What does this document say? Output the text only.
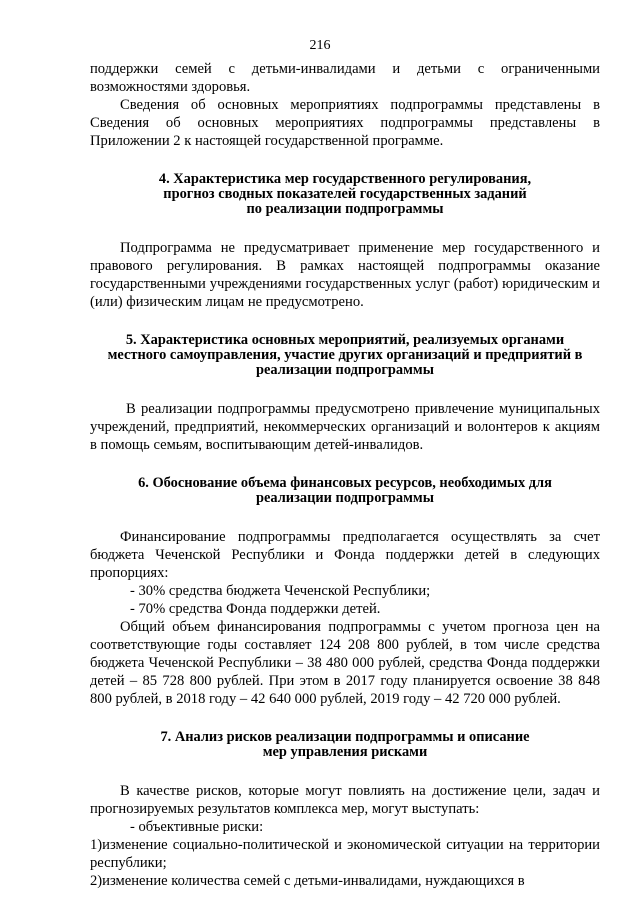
216

поддержки семей с детьми-инвалидами и детьми с ограниченными возможностями здоровья.

Сведения об основных мероприятиях подпрограммы представлены в Сведения об основных мероприятиях подпрограммы представлены в Приложении 2 к настоящей государственной программе.

4. Характеристика мер государственного регулирования,
прогноз сводных показателей государственных заданий
по реализации подпрограммы

Подпрограмма не предусматривает применение мер государственного и правового регулирования. В рамках настоящей подпрограммы оказание государственными учреждениями государственных услуг (работ) юридическим и (или) физическим лицам не предусмотрено.

5. Характеристика основных мероприятий, реализуемых органами
местного самоуправления, участие других организаций и предприятий в
реализации подпрограммы

В реализации подпрограммы предусмотрено привлечение муниципальных учреждений, предприятий, некоммерческих организаций и волонтеров к акциям в помощь семьям, воспитывающим детей-инвалидов.

6. Обоснование объема финансовых ресурсов, необходимых для
реализации подпрограммы

Финансирование подпрограммы предполагается осуществлять за счет бюджета Чеченской Республики и Фонда поддержки детей в следующих пропорциях:

- 30% средства бюджета Чеченской Республики;

- 70% средства Фонда поддержки детей.

Общий объем финансирования подпрограммы с учетом прогноза цен на соответствующие годы составляет 124 208 800 рублей, в том числе средства бюджета Чеченской Республики – 38 480 000 рублей, средства Фонда поддержки детей – 85 728 800 рублей. При этом в 2017 году планируется освоение 38 848 800 рублей, в 2018 году – 42 640 000 рублей, 2019 году – 42 720 000 рублей.

7. Анализ рисков реализации подпрограммы и описание
мер управления рисками

В качестве рисков, которые могут повлиять на достижение цели, задач и прогнозируемых результатов комплекса мер, могут выступать:

- объективные риски:

1)изменение социально-политической и экономической ситуации на территории республики;

2)изменение количества семей с детьми-инвалидами, нуждающихся в
